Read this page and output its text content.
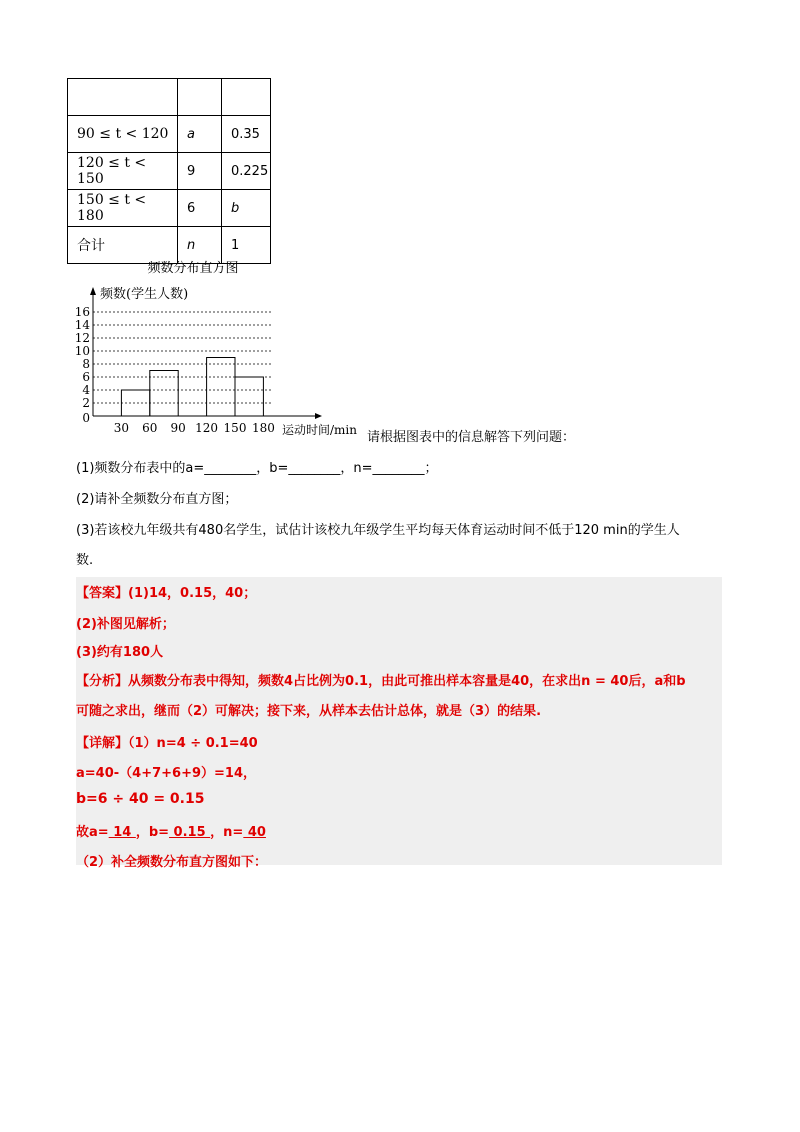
90 ≤ t < 120	a	0.35
120 ≤ t < 150	9	0.225
150 ≤ t < 180	6	b
合计	n	1
频数分布直方图
频数(学生人数)
运动时间/min
0
2
4
6
8
10
12
14
16
30 60 90 120 150 180
请根据图表中的信息解答下列问题：
(1)频数分布表中的a=________，b=________，n=________；
(2)请补全频数分布直方图；
(3)若该校九年级共有480名学生，试估计该校九年级学生平均每天体育运动时间不低于120 min的学生人
数.
【答案】(1)14，0.15，40；
(2)补图见解析；
(3)约有180人
【分析】从频数分布表中得知，频数4占比例为0.1，由此可推出样本容量是40，在求出n = 40后，a和b
可随之求出，继而（2）可解决；接下来，从样本去估计总体，就是（3）的结果.
【详解】（1）n=4 ÷ 0.1=40
a=40-（4+7+6+9）=14，
b=6 ÷ 40 = 0.15
故a= 14 ，b= 0.15 ，n= 40
（2）补全频数分布直方图如下：
